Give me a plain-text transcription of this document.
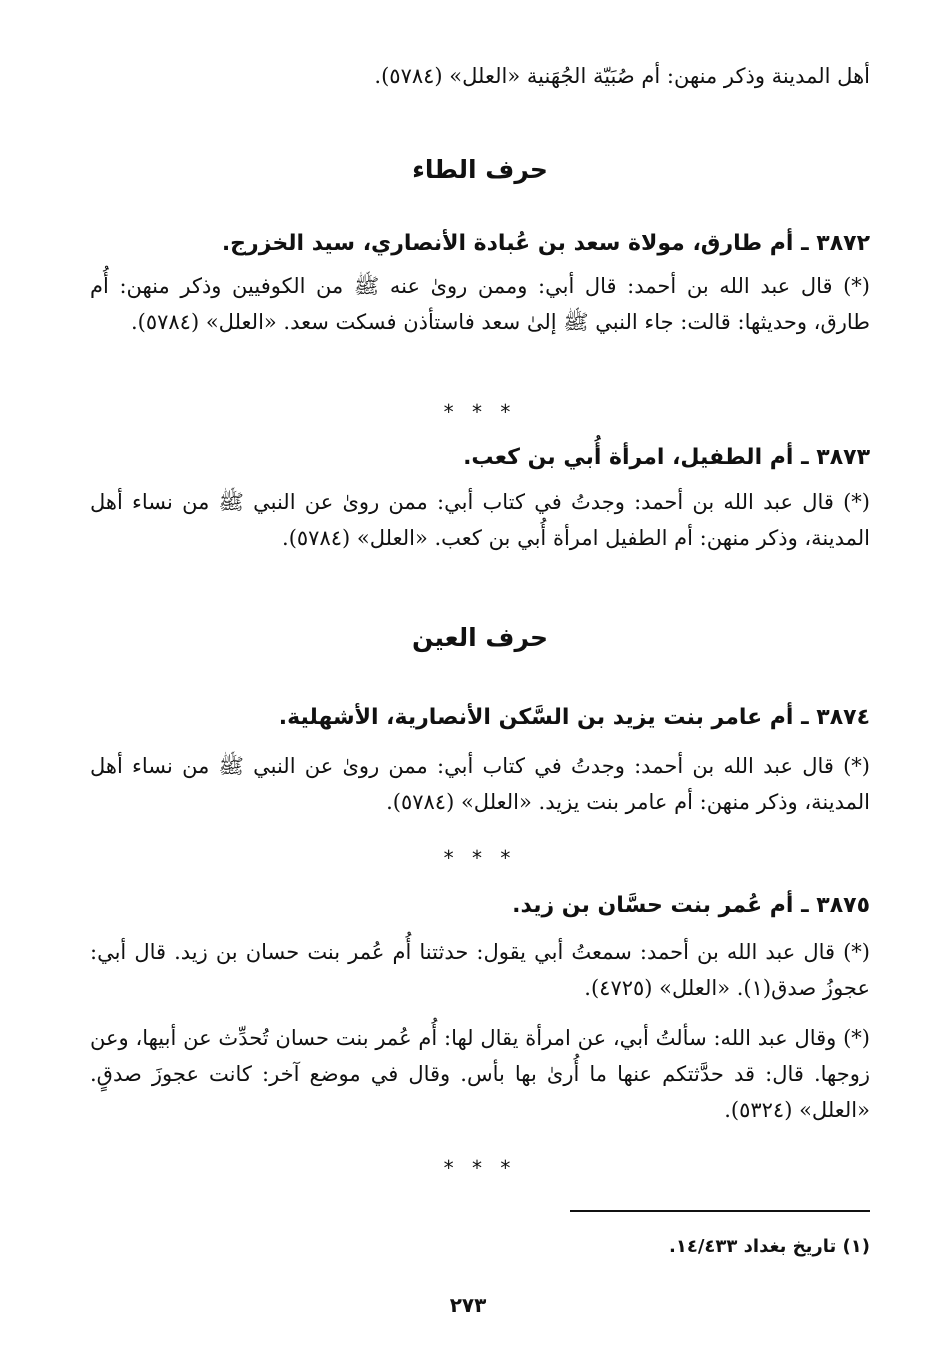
أهل المدينة وذكر منهن: أم صُبَيّة الجُهَنية «العلل» (٥٧٨٤).
حرف الطاء
٣٨٧٢ ـ أم طارق، مولاة سعد بن عُبادة الأنصاري، سيد الخزرج.
(*) قال عبد الله بن أحمد: قال أبي: وممن روىٰ عنه ﷺ من الكوفيين وذكر منهن: أُم طارق، وحديثها: قالت: جاء النبي ﷺ إلىٰ سعد فاستأذن فسكت سعد. «العلل» (٥٧٨٤).
* * *
٣٨٧٣ ـ أم الطفيل، امرأة أُبي بن كعب.
(*) قال عبد الله بن أحمد: وجدتُ في كتاب أبي: ممن روىٰ عن النبي ﷺ من نساء أهل المدينة، وذكر منهن: أم الطفيل امرأة أُبي بن كعب. «العلل» (٥٧٨٤).
حرف العين
٣٨٧٤ ـ أم عامر بنت يزيد بن السَّكن الأنصارية، الأشهلية.
(*) قال عبد الله بن أحمد: وجدتُ في كتاب أبي: ممن روىٰ عن النبي ﷺ من نساء أهل المدينة، وذكر منهن: أم عامر بنت يزيد. «العلل» (٥٧٨٤).
* * *
٣٨٧٥ ـ أم عُمر بنت حسَّان بن زيد.
(*) قال عبد الله بن أحمد: سمعتُ أبي يقول: حدثتنا أُم عُمر بنت حسان بن زيد. قال أبي: عجوزُ صدق(١). «العلل» (٤٧٢٥).
(*) وقال عبد الله: سألتُ أبي، عن امرأة يقال لها: أُم عُمر بنت حسان تُحدِّث عن أبيها، وعن زوجها. قال: قد حدَّثتكم عنها ما أُرىٰ بها بأس. وقال في موضع آخر: كانت عجوزَ صدقٍ. «العلل» (٥٣٢٤).
* * *
(١) تاريخ بغداد ١٤/٤٣٣.
٢٧٣
